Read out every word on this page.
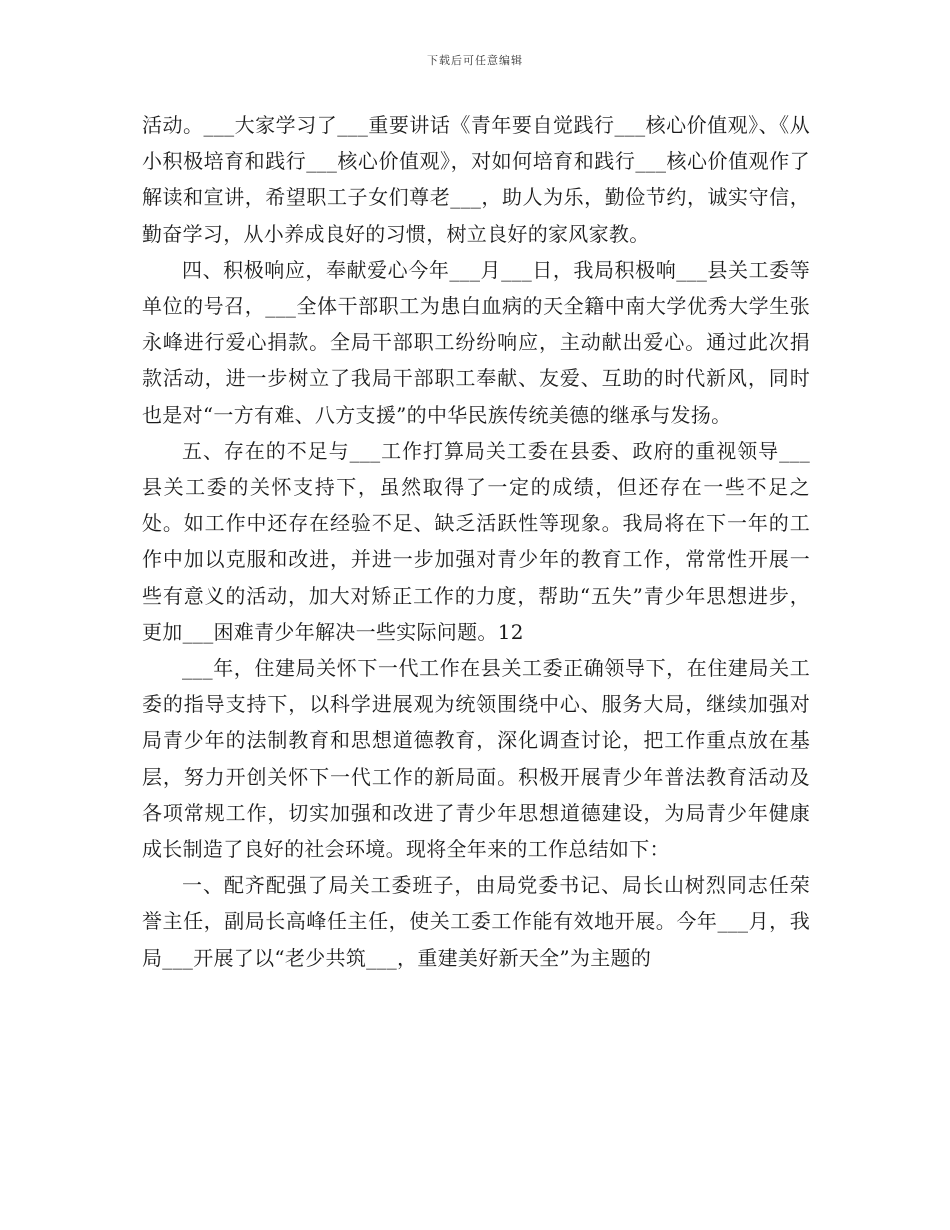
下载后可任意编辑

活动。___大家学习了___重要讲话《青年要自觉践行___核心价值观》、《从小积极培育和践行___核心价值观》，对如何培育和践行___核心价值观作了解读和宣讲，希望职工子女们尊老___，助人为乐，勤俭节约，诚实守信，勤奋学习，从小养成良好的习惯，树立良好的家风家教。

四、积极响应，奉献爱心今年___月___日，我局积极响___县关工委等单位的号召，___全体干部职工为患白血病的天全籍中南大学优秀大学生张永峰进行爱心捐款。全局干部职工纷纷响应，主动献出爱心。通过此次捐款活动，进一步树立了我局干部职工奉献、友爱、互助的时代新风，同时也是对“一方有难、八方支援”的中华民族传统美德的继承与发扬。

五、存在的不足与___工作打算局关工委在县委、政府的重视领导___县关工委的关怀支持下，虽然取得了一定的成绩，但还存在一些不足之处。如工作中还存在经验不足、缺乏活跃性等现象。我局将在下一年的工作中加以克服和改进，并进一步加强对青少年的教育工作，常常性开展一些有意义的活动，加大对矫正工作的力度，帮助“五失”青少年思想进步，更加___困难青少年解决一些实际问题。12

___年，住建局关怀下一代工作在县关工委正确领导下，在住建局关工委的指导支持下，以科学进展观为统领围绕中心、服务大局，继续加强对局青少年的法制教育和思想道德教育，深化调查讨论，把工作重点放在基层，努力开创关怀下一代工作的新局面。积极开展青少年普法教育活动及各项常规工作，切实加强和改进了青少年思想道德建设，为局青少年健康成长制造了良好的社会环境。现将全年来的工作总结如下：

一、配齐配强了局关工委班子，由局党委书记、局长山树烈同志任荣誉主任，副局长高峰任主任，使关工委工作能有效地开展。今年___月，我局___开展了以“老少共筑___，重建美好新天全”为主题的
